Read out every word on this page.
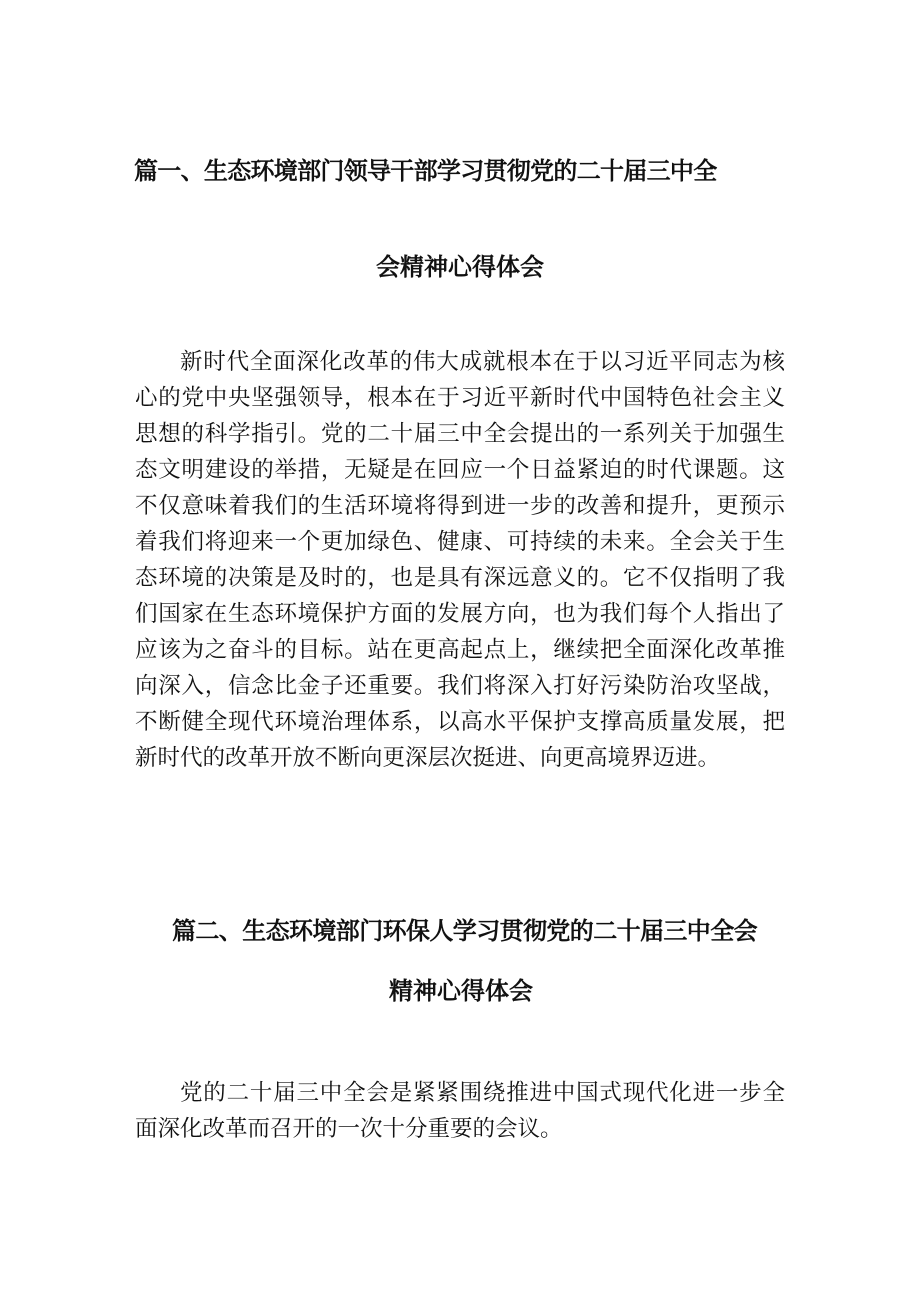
篇一、生态环境部门领导干部学习贯彻党的二十届三中全
会精神心得体会
新时代全面深化改革的伟大成就根本在于以习近平同志为核
心的党中央坚强领导，根本在于习近平新时代中国特色社会主义
思想的科学指引。党的二十届三中全会提出的一系列关于加强生
态文明建设的举措，无疑是在回应一个日益紧迫的时代课题。这
不仅意味着我们的生活环境将得到进一步的改善和提升，更预示
着我们将迎来一个更加绿色、健康、可持续的未来。全会关于生
态环境的决策是及时的，也是具有深远意义的。它不仅指明了我
们国家在生态环境保护方面的发展方向，也为我们每个人指出了
应该为之奋斗的目标。站在更高起点上，继续把全面深化改革推
向深入，信念比金子还重要。我们将深入打好污染防治攻坚战，
不断健全现代环境治理体系，以高水平保护支撑高质量发展，把
新时代的改革开放不断向更深层次挺进、向更高境界迈进。
篇二、生态环境部门环保人学习贯彻党的二十届三中全会
精神心得体会
党的二十届三中全会是紧紧围绕推进中国式现代化进一步全
面深化改革而召开的一次十分重要的会议。
